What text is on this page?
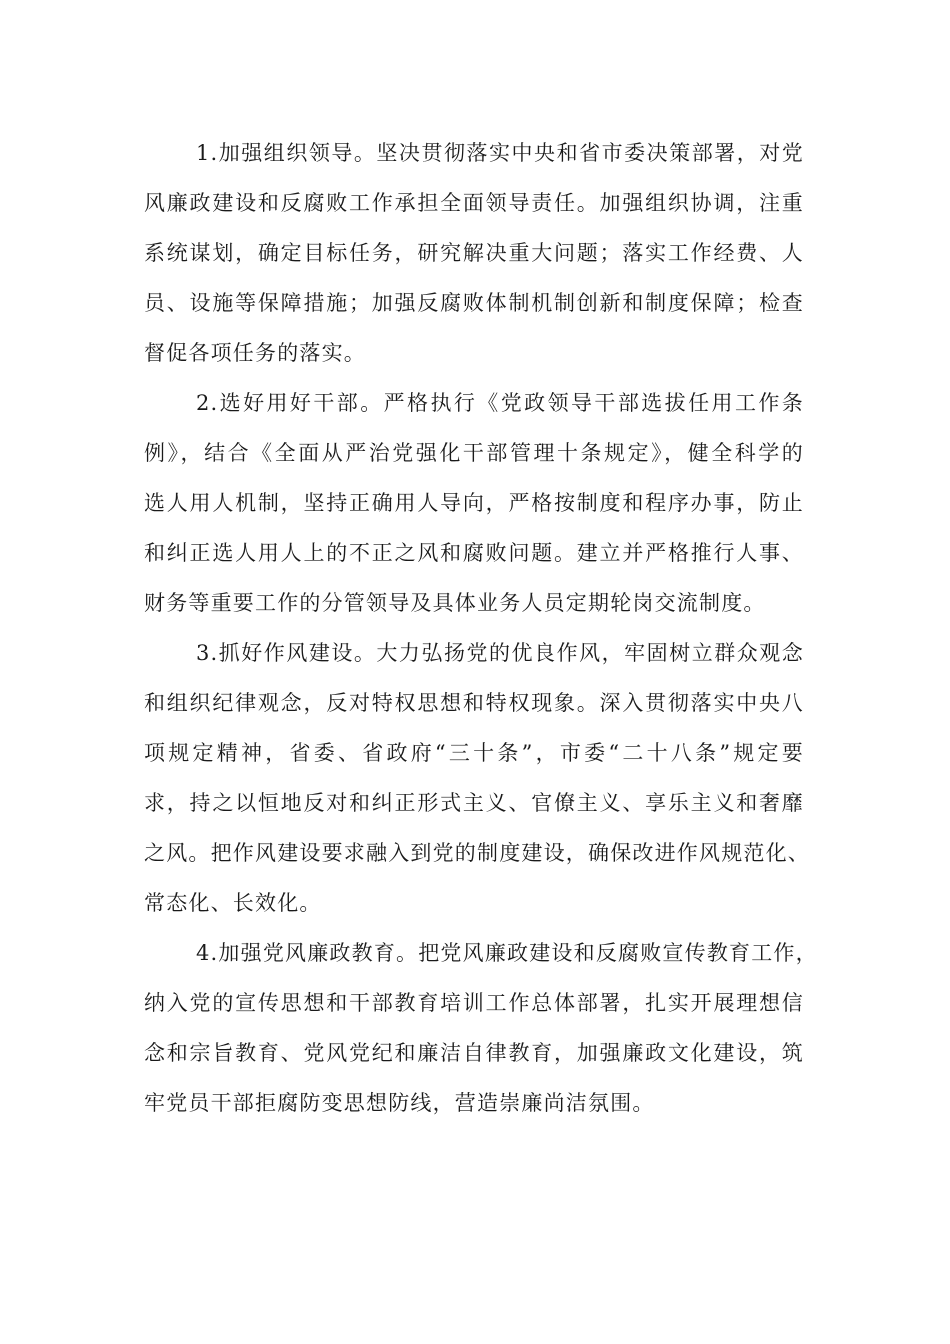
1.加强组织领导。坚决贯彻落实中央和省市委决策部署，对党
风廉政建设和反腐败工作承担全面领导责任。加强组织协调，注重
系统谋划，确定目标任务，研究解决重大问题；落实工作经费、人
员、设施等保障措施；加强反腐败体制机制创新和制度保障；检查
督促各项任务的落实。
2.选好用好干部。严格执行《党政领导干部选拔任用工作条
例》，结合《全面从严治党强化干部管理十条规定》，健全科学的
选人用人机制，坚持正确用人导向，严格按制度和程序办事，防止
和纠正选人用人上的不正之风和腐败问题。建立并严格推行人事、
财务等重要工作的分管领导及具体业务人员定期轮岗交流制度。
3.抓好作风建设。大力弘扬党的优良作风，牢固树立群众观念
和组织纪律观念，反对特权思想和特权现象。深入贯彻落实中央八
项规定精神，省委、省政府“三十条”，市委“二十八条”规定要
求，持之以恒地反对和纠正形式主义、官僚主义、享乐主义和奢靡
之风。把作风建设要求融入到党的制度建设，确保改进作风规范化、
常态化、长效化。
4.加强党风廉政教育。把党风廉政建设和反腐败宣传教育工作，
纳入党的宣传思想和干部教育培训工作总体部署，扎实开展理想信
念和宗旨教育、党风党纪和廉洁自律教育，加强廉政文化建设，筑
牢党员干部拒腐防变思想防线，营造崇廉尚洁氛围。
